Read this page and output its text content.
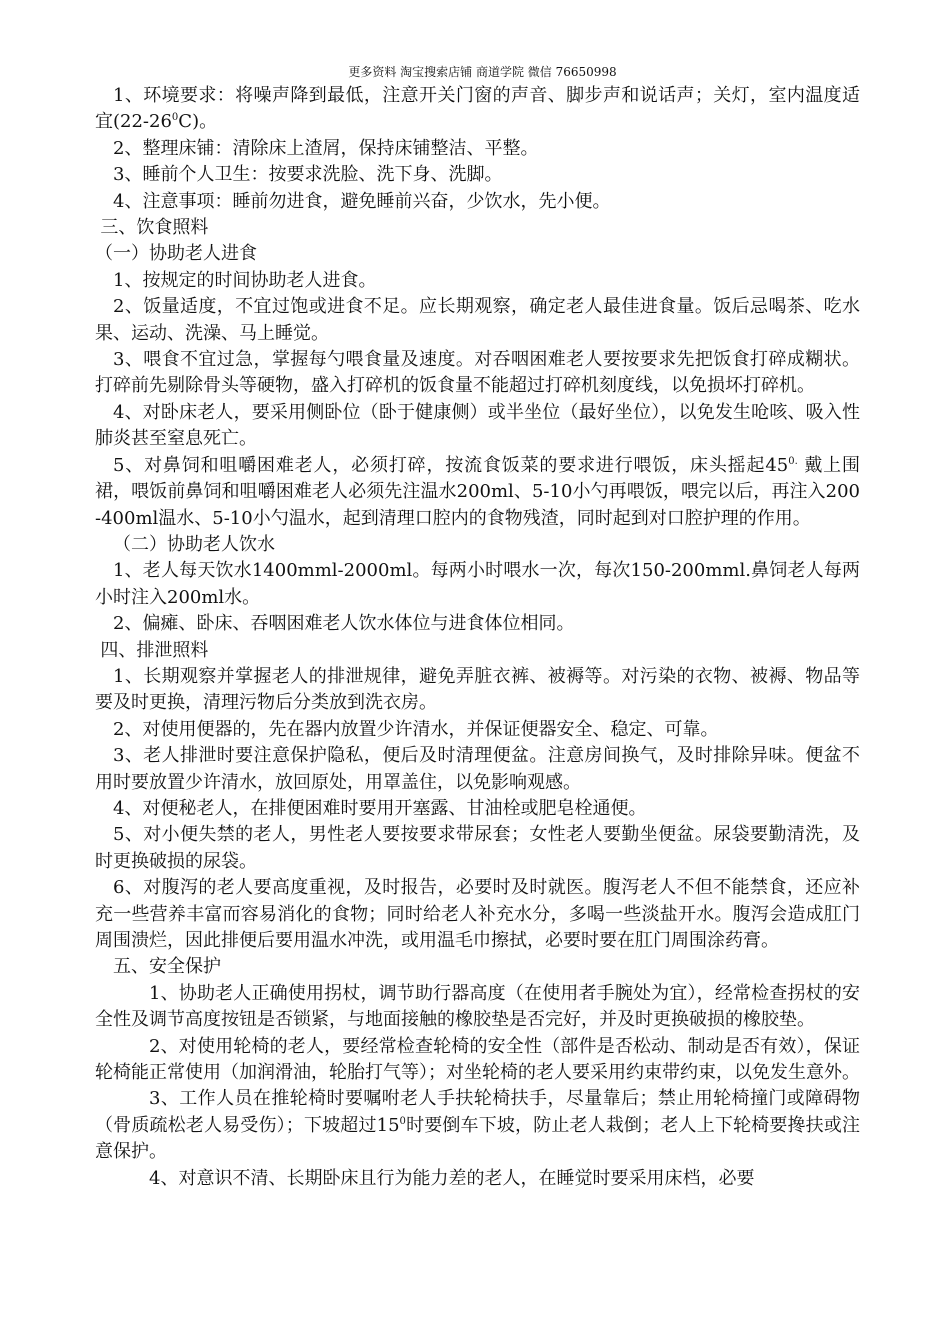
更多资料 淘宝搜索店铺 商道学院 微信 76650998

1、环境要求：将噪声降到最低，注意开关门窗的声音、脚步声和说话声；关灯，室内温度适宜$(22-26^0C)$。

2、整理床铺：清除床上渣屑，保持床铺整洁、平整。

3、睡前个人卫生：按要求洗脸、洗下身、洗脚。

4、注意事项：睡前勿进食，避免睡前兴奋，少饮水，先小便。

三、饮食照料

（一）协助老人进食

1、按规定的时间协助老人进食。

2、饭量适度，不宜过饱或进食不足。应长期观察，确定老人最佳进食量。饭后忌喝茶、吃水果、运动、洗澡、马上睡觉。

3、喂食不宜过急，掌握每勺喂食量及速度。对吞咽困难老人要按要求先把饭食打碎成糊状。打碎前先剔除骨头等硬物，盛入打碎机的饭食量不能超过打碎机刻度线，以免损坏打碎机。

4、对卧床老人，要采用侧卧位（卧于健康侧）或半坐位（最好坐位），以免发生呛咳、吸入性肺炎甚至窒息死亡。

5、对鼻饲和咀嚼困难老人，必须打碎，按流食饭菜的要求进行喂饭，床头摇起$45^{0.}$ 戴上围裙，喂饭前鼻饲和咀嚼困难老人必须先注温水200ml、5-10小勺再喂饭，喂完以后，再注入200-400ml温水、5-10小勺温水，起到清理口腔内的食物残渣，同时起到对口腔护理的作用。

（二）协助老人饮水

1、老人每天饮水1400mml-2000ml。每两小时喂水一次，每次150-200mml.鼻饲老人每两小时注入200ml水。

2、偏瘫、卧床、吞咽困难老人饮水体位与进食体位相同。

四、排泄照料

1、长期观察并掌握老人的排泄规律，避免弄脏衣裤、被褥等。对污染的衣物、被褥、物品等要及时更换，清理污物后分类放到洗衣房。

2、对使用便器的，先在器内放置少许清水，并保证便器安全、稳定、可靠。

3、老人排泄时要注意保护隐私，便后及时清理便盆。注意房间换气，及时排除异味。便盆不用时要放置少许清水，放回原处，用罩盖住，以免影响观感。

4、对便秘老人，在排便困难时要用开塞露、甘油栓或肥皂栓通便。

5、对小便失禁的老人，男性老人要按要求带尿套；女性老人要勤坐便盆。尿袋要勤清洗，及时更换破损的尿袋。

6、对腹泻的老人要高度重视，及时报告，必要时及时就医。腹泻老人不但不能禁食，还应补充一些营养丰富而容易消化的食物；同时给老人补充水分，多喝一些淡盐开水。腹泻会造成肛门周围溃烂，因此排便后要用温水冲洗，或用温毛巾擦拭，必要时要在肛门周围涂药膏。

五、安全保护

1、协助老人正确使用拐杖，调节助行器高度（在使用者手腕处为宜），经常检查拐杖的安全性及调节高度按钮是否锁紧，与地面接触的橡胶垫是否完好，并及时更换破损的橡胶垫。

2、对使用轮椅的老人，要经常检查轮椅的安全性（部件是否松动、制动是否有效），保证轮椅能正常使用（加润滑油，轮胎打气等）；对坐轮椅的老人要采用约束带约束，以免发生意外。

3、工作人员在推轮椅时要嘱咐老人手扶轮椅扶手，尽量靠后；禁止用轮椅撞门或障碍物（骨质疏松老人易受伤）；下坡超过$15^0$时要倒车下坡，防止老人栽倒；老人上下轮椅要搀扶或注意保护。

4、对意识不清、长期卧床且行为能力差的老人，在睡觉时要采用床档，必要
